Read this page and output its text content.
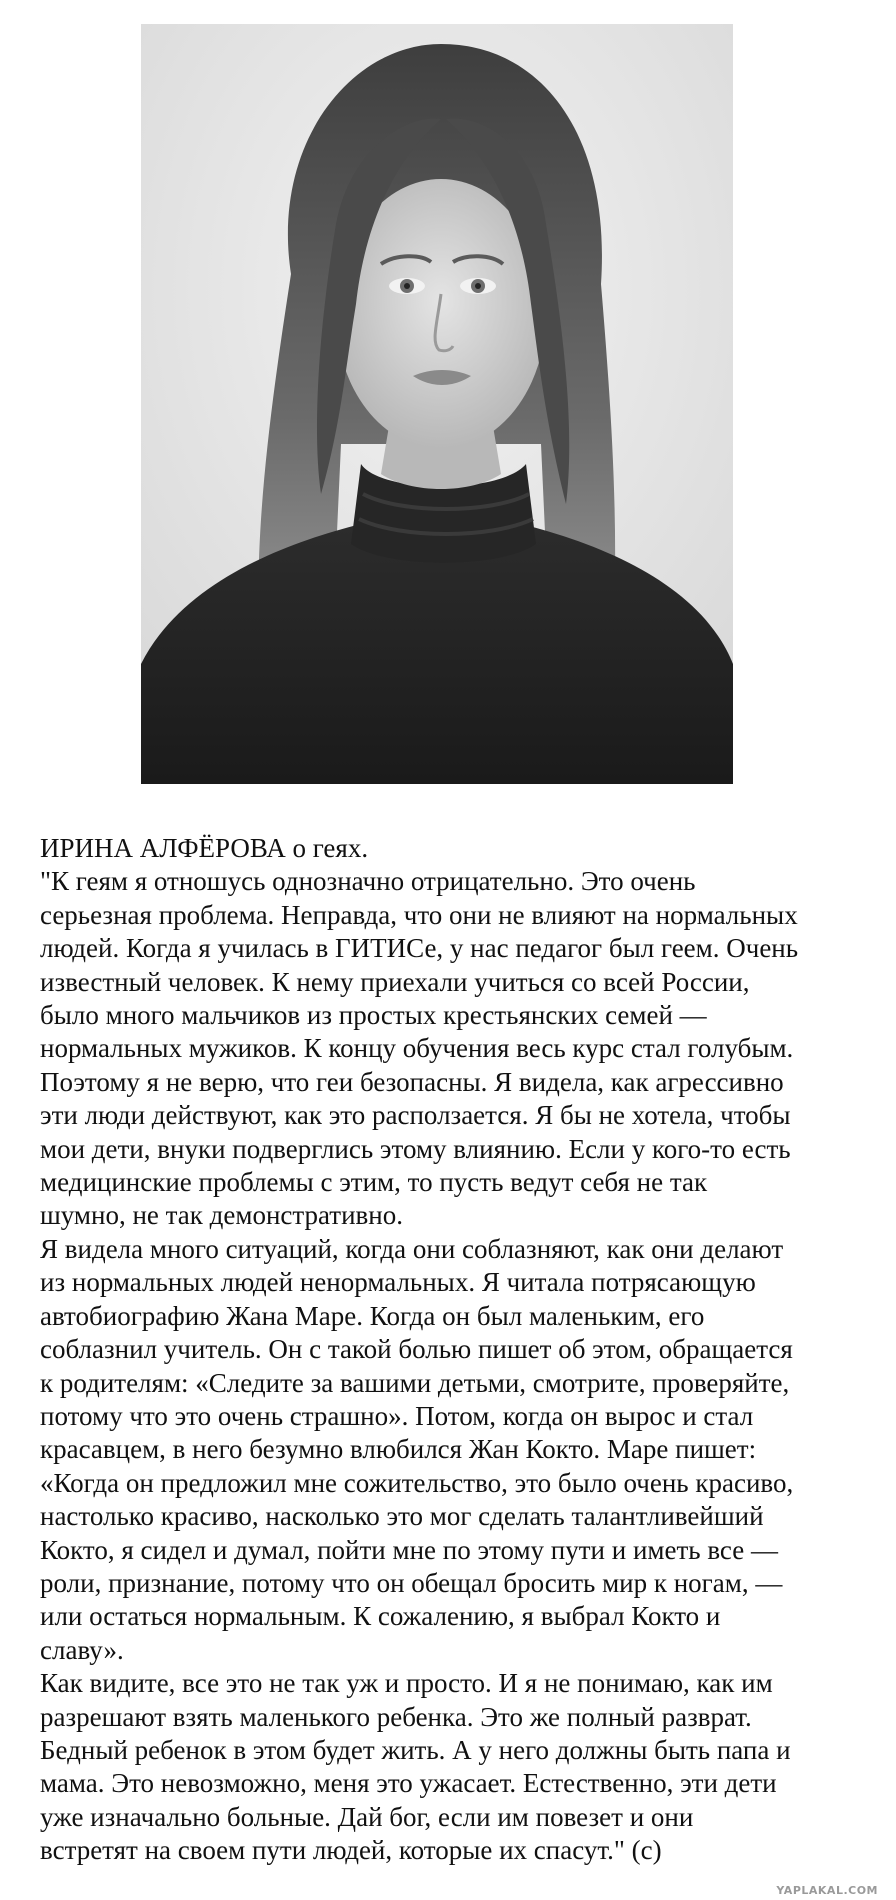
ИРИНА АЛФЁРОВА о геях.

"К геям я отношусь однозначно отрицательно. Это очень
серьезная проблема. Неправда, что они не влияют на нормальных
людей. Когда я училась в ГИТИСе, у нас педагог был геем. Очень
известный человек. К нему приехали учиться со всей России,
было много мальчиков из простых крестьянских семей —
нормальных мужиков. К концу обучения весь курс стал голубым.
Поэтому я не верю, что геи безопасны. Я видела, как агрессивно
эти люди действуют, как это расползается. Я бы не хотела, чтобы
мои дети, внуки подверглись этому влиянию. Если у кого-то есть
медицинские проблемы с этим, то пусть ведут себя не так
шумно, не так демонстративно.

Я видела много ситуаций, когда они соблазняют, как они делают
из нормальных людей ненормальных. Я читала потрясающую
автобиографию Жана Маре. Когда он был маленьким, его
соблазнил учитель. Он с такой болью пишет об этом, обращается
к родителям: «Следите за вашими детьми, смотрите, проверяйте,
потому что это очень страшно». Потом, когда он вырос и стал
красавцем, в него безумно влюбился Жан Кокто. Маре пишет:
«Когда он предложил мне сожительство, это было очень красиво,
настолько красиво, насколько это мог сделать талантливейший
Кокто, я сидел и думал, пойти мне по этому пути и иметь все —
роли, признание, потому что он обещал бросить мир к ногам, —
или остаться нормальным. К сожалению, я выбрал Кокто и
славу».

Как видите, все это не так уж и просто. И я не понимаю, как им
разрешают взять маленького ребенка. Это же полный разврат.
Бедный ребенок в этом будет жить. А у него должны быть папа и
мама. Это невозможно, меня это ужасает. Естественно, эти дети
уже изначально больные. Дай бог, если им повезет и они
встретят на своем пути людей, которые их спасут." (c)

YAPLAKAL.COM
